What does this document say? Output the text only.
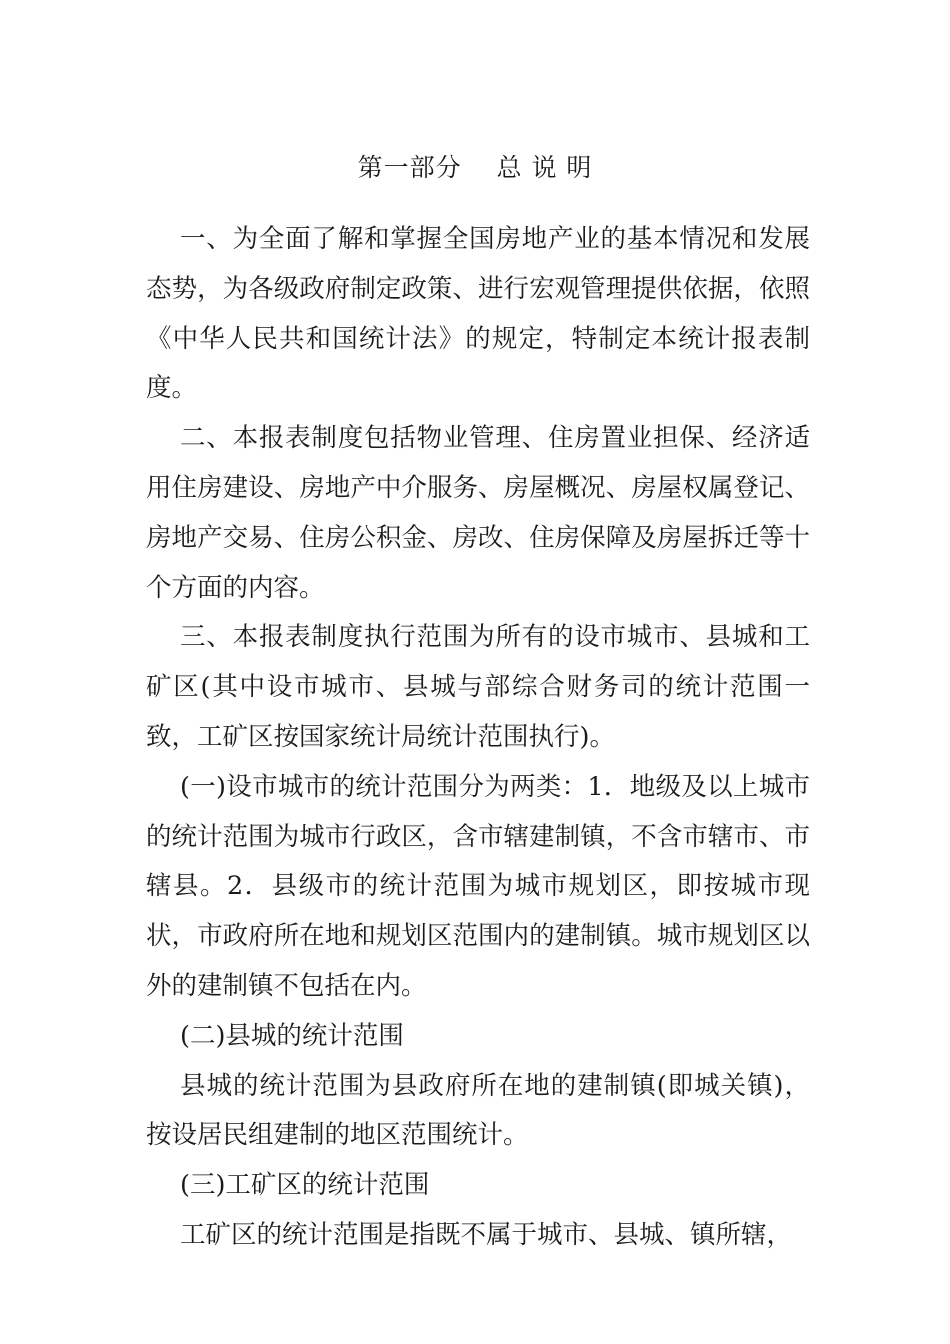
第一部分　 总 说 明

一、为全面了解和掌握全国房地产业的基本情况和发展态势，为各级政府制定政策、进行宏观管理提供依据，依照《中华人民共和国统计法》的规定，特制定本统计报表制度。

二、本报表制度包括物业管理、住房置业担保、经济适用住房建设、房地产中介服务、房屋概况、房屋权属登记、房地产交易、住房公积金、房改、住房保障及房屋拆迁等十个方面的内容。

三、本报表制度执行范围为所有的设市城市、县城和工矿区(其中设市城市、县城与部综合财务司的统计范围一致，工矿区按国家统计局统计范围执行)。

(一)设市城市的统计范围分为两类：1．地级及以上城市的统计范围为城市行政区，含市辖建制镇，不含市辖市、市辖县。2．县级市的统计范围为城市规划区，即按城市现状，市政府所在地和规划区范围内的建制镇。城市规划区以外的建制镇不包括在内。

(二)县城的统计范围

县城的统计范围为县政府所在地的建制镇(即城关镇)，按设居民组建制的地区范围统计。

(三)工矿区的统计范围

工矿区的统计范围是指既不属于城市、县城、镇所辖，
